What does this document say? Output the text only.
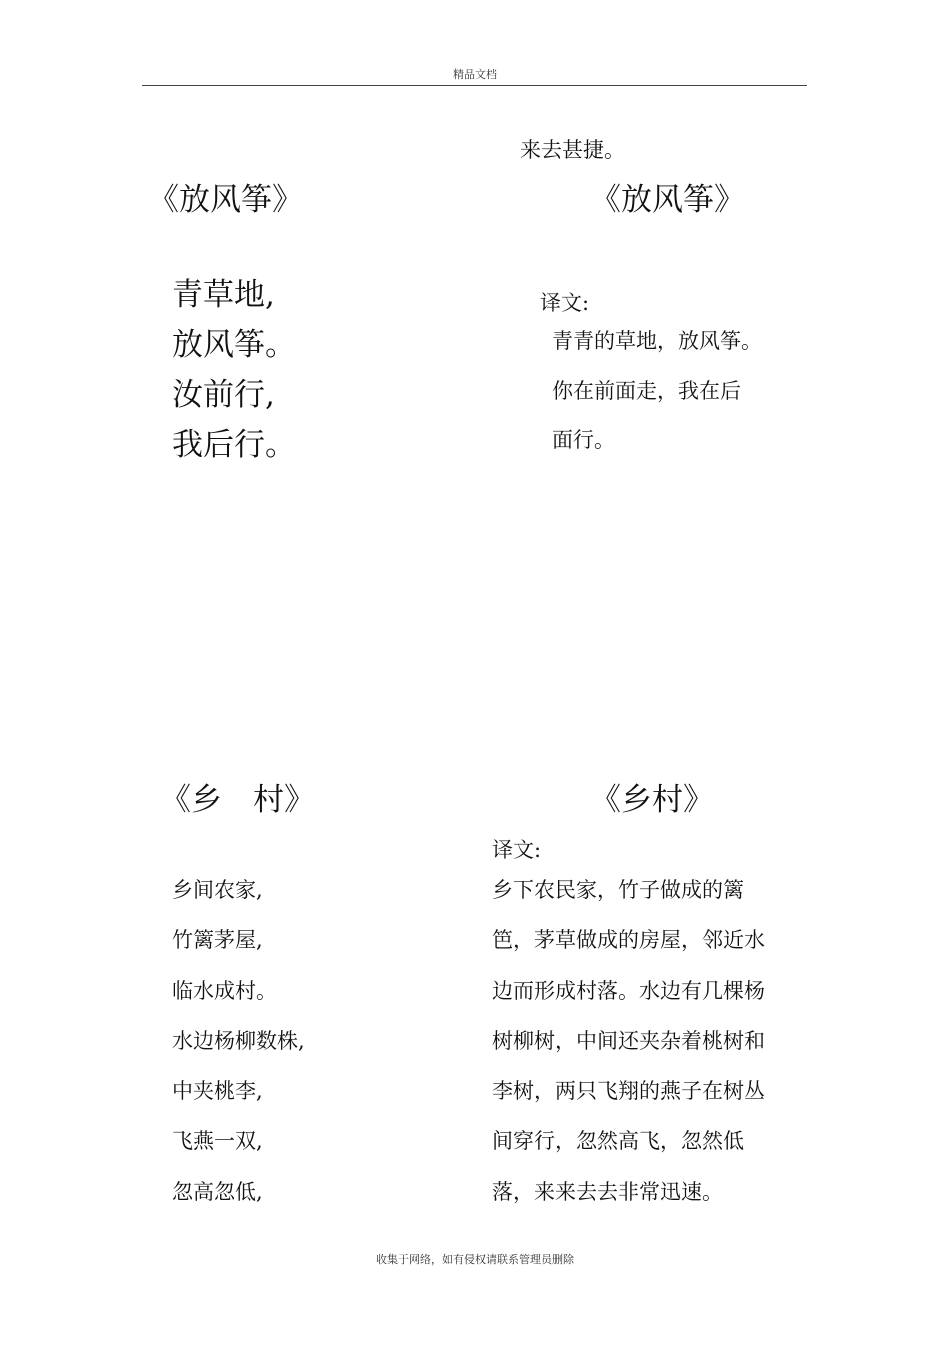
精品文档
来去甚捷。
《放风筝》	《放风筝》
青草地,
放风筝。
汝前行,
我后行。
译文:
青青的草地，放风筝。
你在前面走，我在后
面行。
《乡　村》	《乡村》
译文:
乡间农家,
竹篱茅屋,
临水成村。
水边杨柳数株,
中夹桃李,
飞燕一双,
忽高忽低,
乡下农民家，竹子做成的篱
笆，茅草做成的房屋，邻近水
边而形成村落。水边有几棵杨
树柳树，中间还夹杂着桃树和
李树，两只飞翔的燕子在树丛
间穿行，忽然高飞，忽然低
落，来来去去非常迅速。
收集于网络，如有侵权请联系管理员删除
